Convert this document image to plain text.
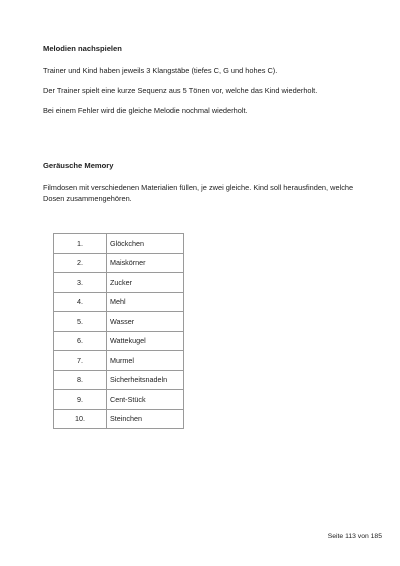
Melodien nachspielen
Trainer und Kind haben jeweils 3 Klangstäbe (tiefes C, G und hohes C).
Der Trainer spielt eine kurze Sequenz aus 5 Tönen vor, welche das Kind wiederholt.
Bei einem Fehler wird die gleiche Melodie nochmal wiederholt.
Geräusche Memory
Filmdosen mit verschiedenen Materialien füllen, je zwei gleiche. Kind soll herausfinden, welche Dosen zusammengehören.
1.	Glöckchen
2.	Maiskörner
3.	Zucker
4.	Mehl
5.	Wasser
6.	Wattekugel
7.	Murmel
8.	Sicherheitsnadeln
9.	Cent-Stück
10.	Steinchen
Seite 113 von 185
